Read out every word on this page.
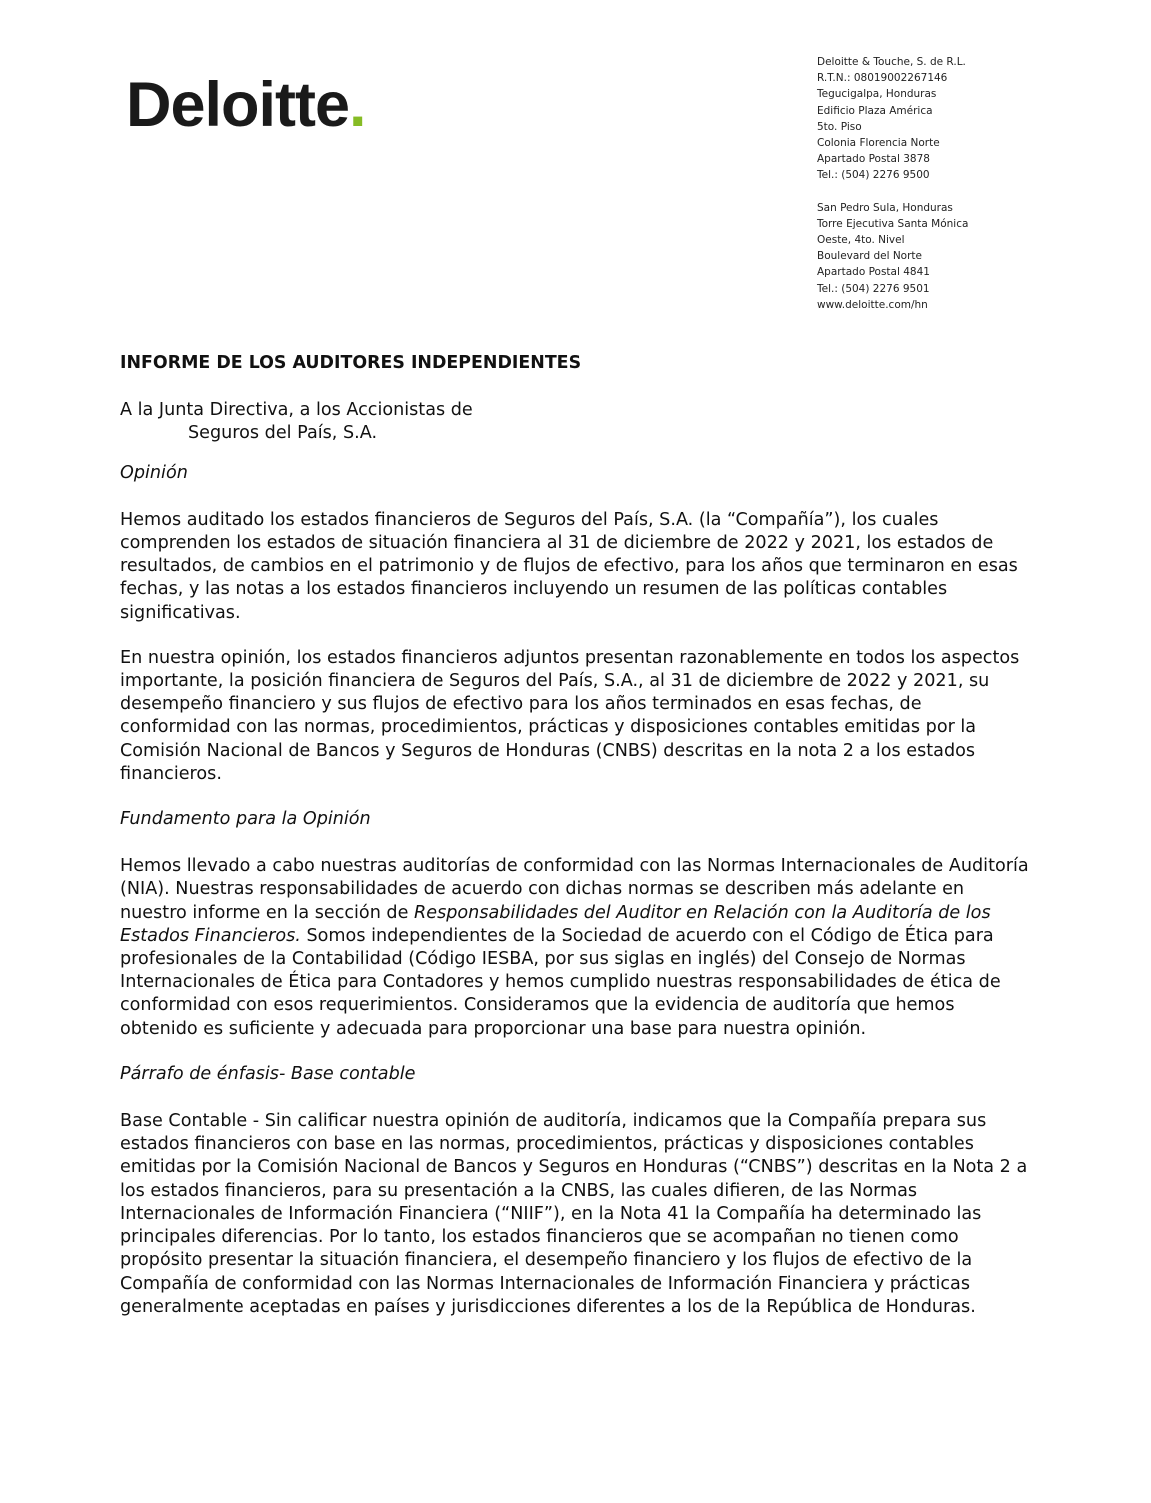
Deloitte.
Deloitte & Touche, S. de R.L.
R.T.N.: 08019002267146
Tegucigalpa, Honduras
Edificio Plaza América
5to. Piso
Colonia Florencia Norte
Apartado Postal 3878
Tel.: (504) 2276 9500
San Pedro Sula, Honduras
Torre Ejecutiva Santa Mónica
Oeste, 4to. Nivel
Boulevard del Norte
Apartado Postal 4841
Tel.: (504) 2276 9501
www.deloitte.com/hn
INFORME DE LOS AUDITORES INDEPENDIENTES
A la Junta Directiva, a los Accionistas de
Seguros del País, S.A.
Opinión

Hemos auditado los estados financieros de Seguros del País, S.A. (la “Compañía”), los cuales comprenden los estados de situación financiera al 31 de diciembre de 2022 y 2021, los estados de resultados, de cambios en el patrimonio y de flujos de efectivo, para los años que terminaron en esas fechas, y las notas a los estados financieros incluyendo un resumen de las políticas contables significativas.

En nuestra opinión, los estados financieros adjuntos presentan razonablemente en todos los aspectos importante, la posición financiera de Seguros del País, S.A., al 31 de diciembre de 2022 y 2021, su desempeño financiero y sus flujos de efectivo para los años terminados en esas fechas, de conformidad con las normas, procedimientos, prácticas y disposiciones contables emitidas por la Comisión Nacional de Bancos y Seguros de Honduras (CNBS) descritas en la nota 2 a los estados financieros.

Fundamento para la Opinión

Hemos llevado a cabo nuestras auditorías de conformidad con las Normas Internacionales de Auditoría (NIA). Nuestras responsabilidades de acuerdo con dichas normas se describen más adelante en nuestro informe en la sección de Responsabilidades del Auditor en Relación con la Auditoría de los Estados Financieros. Somos independientes de la Sociedad de acuerdo con el Código de Ética para profesionales de la Contabilidad (Código IESBA, por sus siglas en inglés) del Consejo de Normas Internacionales de Ética para Contadores y hemos cumplido nuestras responsabilidades de ética de conformidad con esos requerimientos. Consideramos que la evidencia de auditoría que hemos obtenido es suficiente y adecuada para proporcionar una base para nuestra opinión.

Párrafo de énfasis- Base contable

Base Contable - Sin calificar nuestra opinión de auditoría, indicamos que la Compañía prepara sus estados financieros con base en las normas, procedimientos, prácticas y disposiciones contables emitidas por la Comisión Nacional de Bancos y Seguros en Honduras (“CNBS”) descritas en la Nota 2 a los estados financieros, para su presentación a la CNBS, las cuales difieren, de las Normas Internacionales de Información Financiera (“NIIF”), en la Nota 41 la Compañía ha determinado las principales diferencias. Por lo tanto, los estados financieros que se acompañan no tienen como propósito presentar la situación financiera, el desempeño financiero y los flujos de efectivo de la Compañía de conformidad con las Normas Internacionales de Información Financiera y prácticas generalmente aceptadas en países y jurisdicciones diferentes a los de la República de Honduras.
